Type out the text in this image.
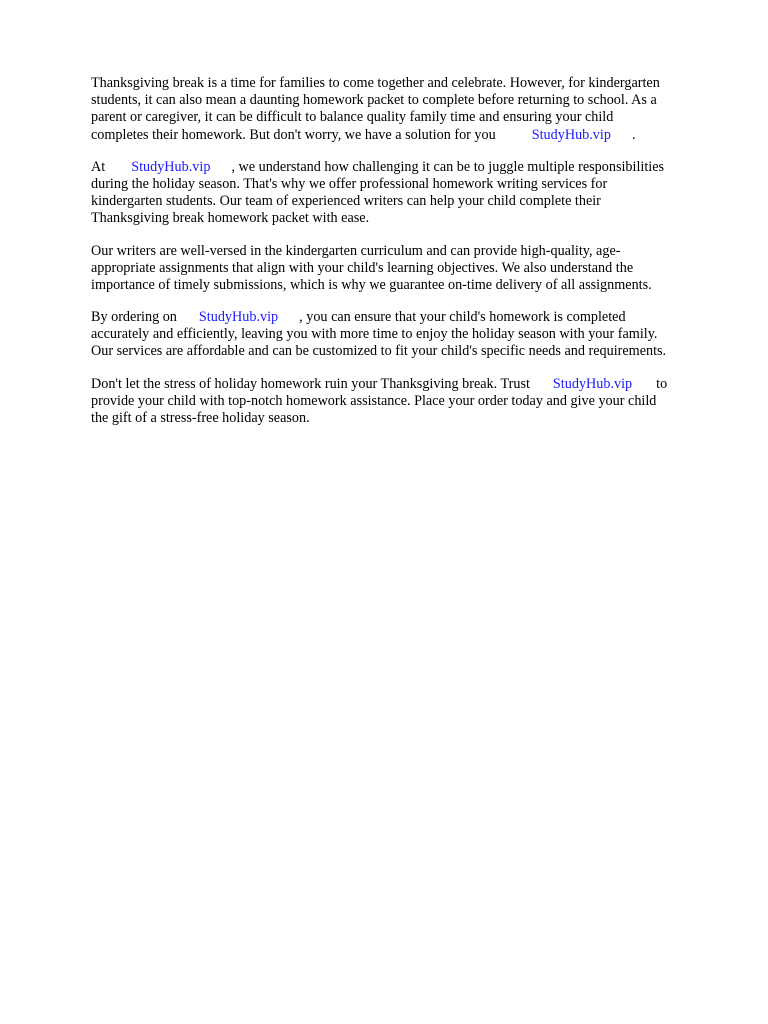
Thanksgiving break is a time for families to come together and celebrate. However, for kindergarten
students, it can also mean a daunting homework packet to complete before returning to school. As a
parent or caregiver, it can be difficult to balance quality family time and ensuring your child
completes their homework. But don't worry, we have a solution for you	StudyHub.vip .

At StudyHub.vip , we understand how challenging it can be to juggle multiple responsibilities
during the holiday season. That's why we offer professional homework writing services for
kindergarten students. Our team of experienced writers can help your child complete their
Thanksgiving break homework packet with ease.

Our writers are well-versed in the kindergarten curriculum and can provide high-quality, age-
appropriate assignments that align with your child's learning objectives. We also understand the
importance of timely submissions, which is why we guarantee on-time delivery of all assignments.

By ordering on StudyHub.vip , you can ensure that your child's homework is completed
accurately and efficiently, leaving you with more time to enjoy the holiday season with your family.
Our services are affordable and can be customized to fit your child's specific needs and requirements.

Don't let the stress of holiday homework ruin your Thanksgiving break. Trust StudyHub.vip to
provide your child with top-notch homework assistance. Place your order today and give your child
the gift of a stress-free holiday season.
